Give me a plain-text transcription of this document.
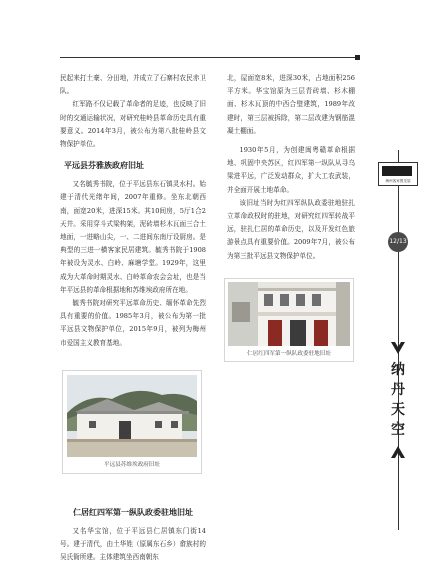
民起来打土豪、分田地，并成立了石寨村农民赤卫队。

红军路不仅记载了革命者的足迹，也反映了旧时的交通运输状况，对研究桂岭县革命历史具有重要意义。2014年3月，被公布为第八批桂岭县文物保护单位。

平远县芬雅族政府旧址

又名毓秀书院，位于平远县东石镇灵水村。始建于清代光绪年间，2007年重修。坐东北朝西南，面宽20米，进深15米。其10间房，5厅1合2天井。采用穿斗式梁构架，泥砖墙杉木瓦面三合土地面，一进略山尖，一、二进间东南厅设厨房。是典型的三进一横客家民居建筑。毓秀书院于1908年被设为灵水、白岭、麻塘学堂。1929年，这里成为大革命时期灵水、白岭革命农会会址，也是当年平远县的革命根据地和苏维埃政府所在地。

毓秀书院对研究平远革命历史、缅怀革命先烈具有重要的价值。1985年3月，被公布为第一批平远县文物保护单位，2015年9月，被列为梅州市爱国主义教育基地。

仁居红四军第一纵队政委驻地旧址

又名华宝馆，位于平远县仁居镇东门街14号。建于清代，由土华姓（原属东石乡）畲族村的吴氏衙所建。主体建筑坐西南朝东

平远县苏维埃政府旧址

北，屋面宽8米，进深30米，占地面积256平方米。华宝馆原为三层青砖墙、杉木棚面、杉木瓦顶的中西合璧建筑，1989年改建时，第三层被拆除，第二层改建为钢筋混凝土棚面。

1930年5月，为创建闽粤赣革命根据地、巩固中央苏区，红四军第一纵队从寻乌梁进平远，广泛发动群众，扩大工农武装，并全面开展土地革命。

该旧址当时为红四军纵队政委驻地驻扎立革命政权时的驻地，对研究红四军转战平远，驻扎仁居的革命历史，以及开发红色旅游景点具有重要价值。2009年7月，被公布为第三批平远县文物保护单位。

仁居红四军第一纵队政委驻地旧址
梅州客家围龙屋
12/13
纳
丹
天
空
